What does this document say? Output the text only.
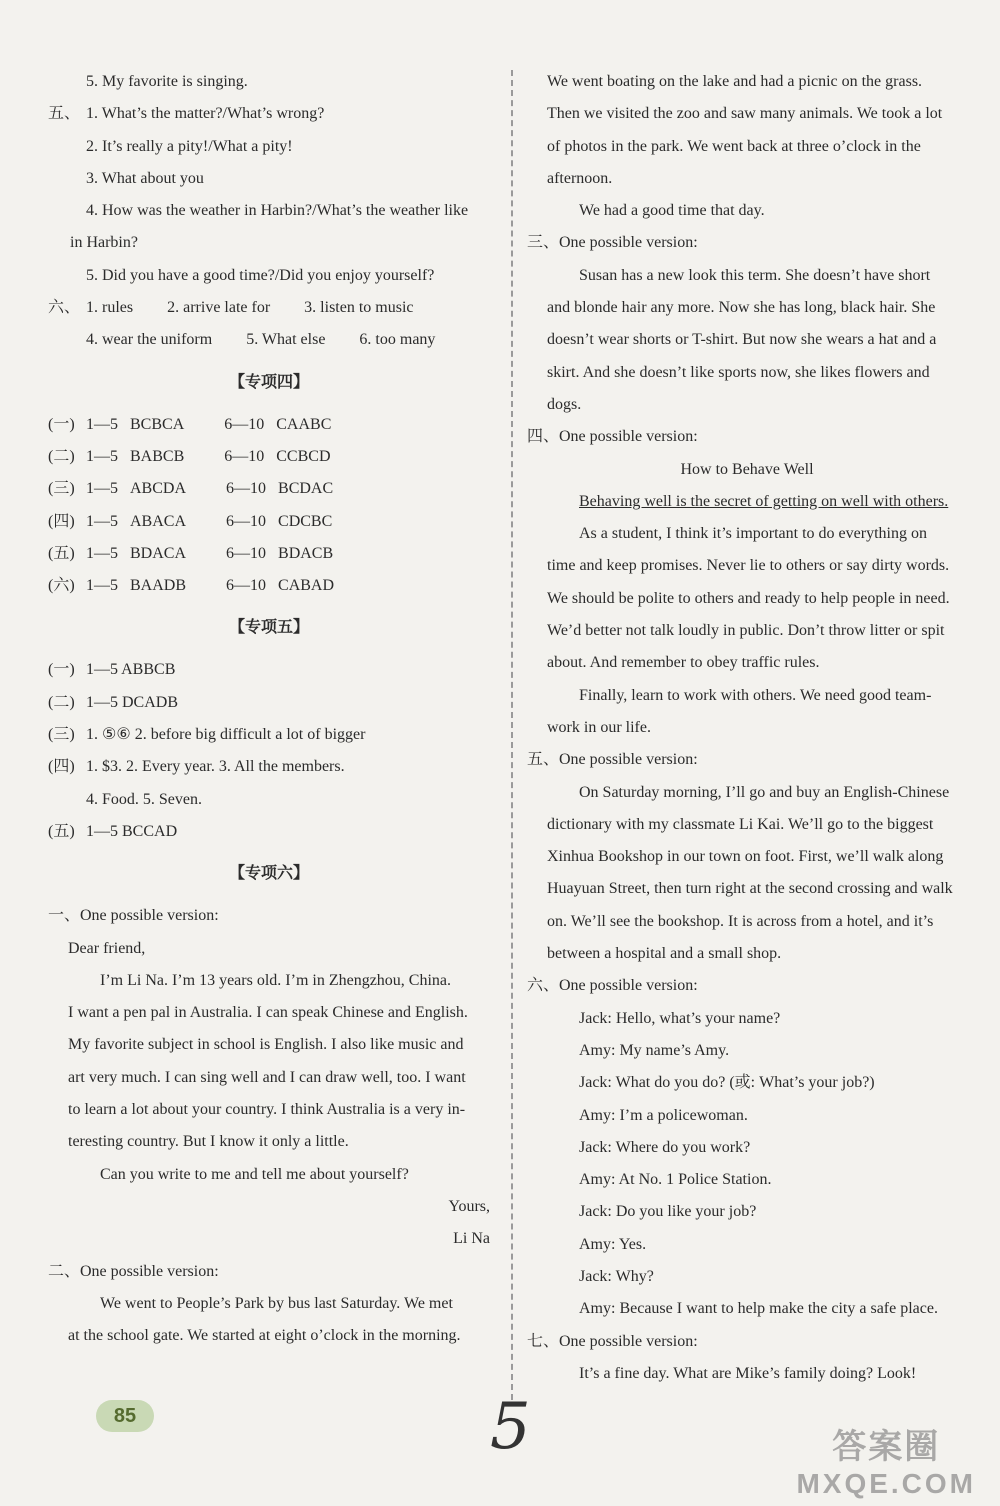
5. My favorite is singing.
五、 1. What’s the matter?/What’s wrong?
2. It’s really a pity!/What a pity!
3. What about you
4. How was the weather in Harbin?/What’s the weather like
in Harbin?
5. Did you have a good time?/Did you enjoy yourself?
六、 1. rules 2. arrive late for 3. listen to music
4. wear the uniform 5. What else 6. too many
【专项四】
(一) 1—5 BCBCA	6—10 CAABC
(二) 1—5 BABCB	6—10 CCBCD
(三) 1—5 ABCDA	6—10 BCDAC
(四) 1—5 ABACA	6—10 CDCBC
(五) 1—5 BDACA	6—10 BDACB
(六) 1—5 BAADB	6—10 CABAD
【专项五】
(一) 1—5 ABBCB
(二) 1—5 DCADB
(三) 1. ⑤⑥ 2. before big difficult a lot of bigger
(四) 1. $3. 2. Every year. 3. All the members.
4. Food. 5. Seven.
(五) 1—5 BCCAD
【专项六】
一、One possible version:
Dear friend,
I’m Li Na. I’m 13 years old. I’m in Zhengzhou, China.
I want a pen pal in Australia. I can speak Chinese and English.
My favorite subject in school is English. I also like music and
art very much. I can sing well and I can draw well, too. I want
to learn a lot about your country. I think Australia is a very in-
teresting country. But I know it only a little.
Can you write to me and tell me about yourself?
Yours,
Li Na
二、One possible version:
We went to People’s Park by bus last Saturday. We met
at the school gate. We started at eight o’clock in the morning.
We went boating on the lake and had a picnic on the grass.
Then we visited the zoo and saw many animals. We took a lot
of photos in the park. We went back at three o’clock in the
afternoon.
We had a good time that day.
三、One possible version:
Susan has a new look this term. She doesn’t have short
and blonde hair any more. Now she has long, black hair. She
doesn’t wear shorts or T-shirt. But now she wears a hat and a
skirt. And she doesn’t like sports now, she likes flowers and
dogs.
四、One possible version:
How to Behave Well
Behaving well is the secret of getting on well with others.
As a student, I think it’s important to do everything on
time and keep promises. Never lie to others or say dirty words.
We should be polite to others and ready to help people in need.
We’d better not talk loudly in public. Don’t throw litter or spit
about. And remember to obey traffic rules.
Finally, learn to work with others. We need good team-
work in our life.
五、One possible version:
On Saturday morning, I’ll go and buy an English-Chinese
dictionary with my classmate Li Kai. We’ll go to the biggest
Xinhua Bookshop in our town on foot. First, we’ll walk along
Huayuan Street, then turn right at the second crossing and walk
on. We’ll see the bookshop. It is across from a hotel, and it’s
between a hospital and a small shop.
六、One possible version:
Jack: Hello, what’s your name?
Amy: My name’s Amy.
Jack: What do you do? (或: What’s your job?)
Amy: I’m a policewoman.
Jack: Where do you work?
Amy: At No. 1 Police Station.
Jack: Do you like your job?
Amy: Yes.
Jack: Why?
Amy: Because I want to help make the city a safe place.
七、One possible version:
It’s a fine day. What are Mike’s family doing? Look!
85	5	答案圈
MXQE.COM
